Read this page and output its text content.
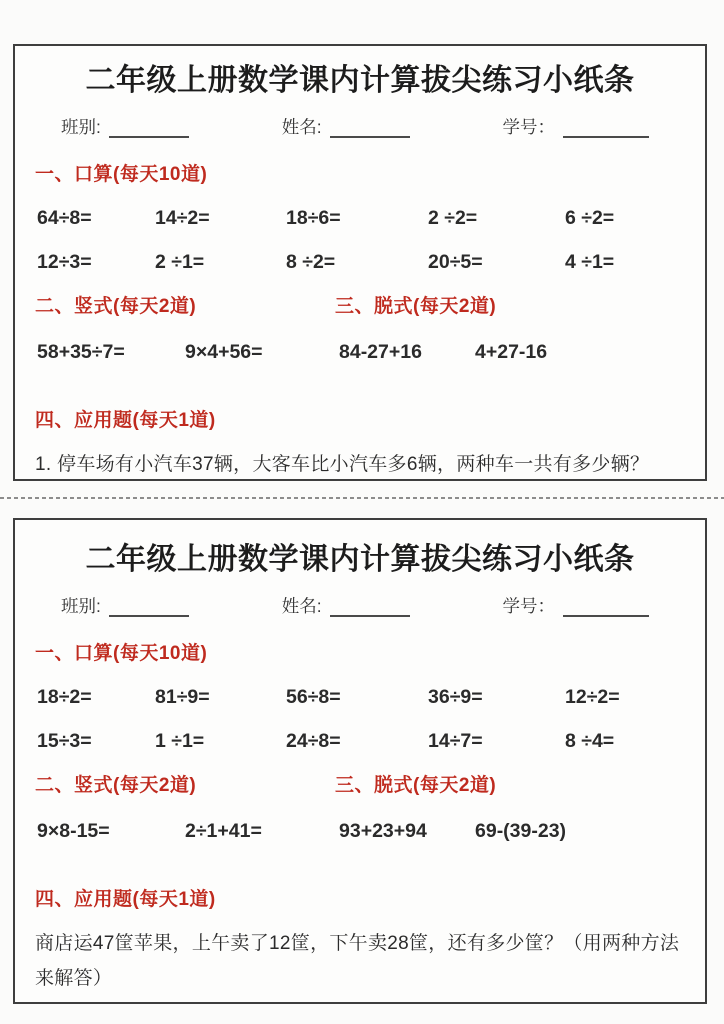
二年级上册数学课内计算拔尖练习小纸条
班别:	姓名:	学号：
一、口算(每天10道)
64÷8=	14÷2=	18÷6=	2 ÷2=	6 ÷2=
12÷3=	2 ÷1=	8 ÷2=	20÷5=	4 ÷1=
二、竖式(每天2道)	三、脱式(每天2道)
58+35÷7=	9×4+56=	84-27+16	4+27-16
四、应用题(每天1道)

1. 停车场有小汽车37辆，大客车比小汽车多6辆，两种车一共有多少辆？

二年级上册数学课内计算拔尖练习小纸条
班别:	姓名:	学号：
一、口算(每天10道)
18÷2=	81÷9=	56÷8=	36÷9=	12÷2=
15÷3=	1 ÷1=	24÷8=	14÷7=	8 ÷4=
二、竖式(每天2道)	三、脱式(每天2道)
9×8-15=	2÷1+41=	93+23+94	69-(39-23)
四、应用题(每天1道)

商店运47筐苹果，上午卖了12筐，下午卖28筐，还有多少筐？（用两种方法来解答）
